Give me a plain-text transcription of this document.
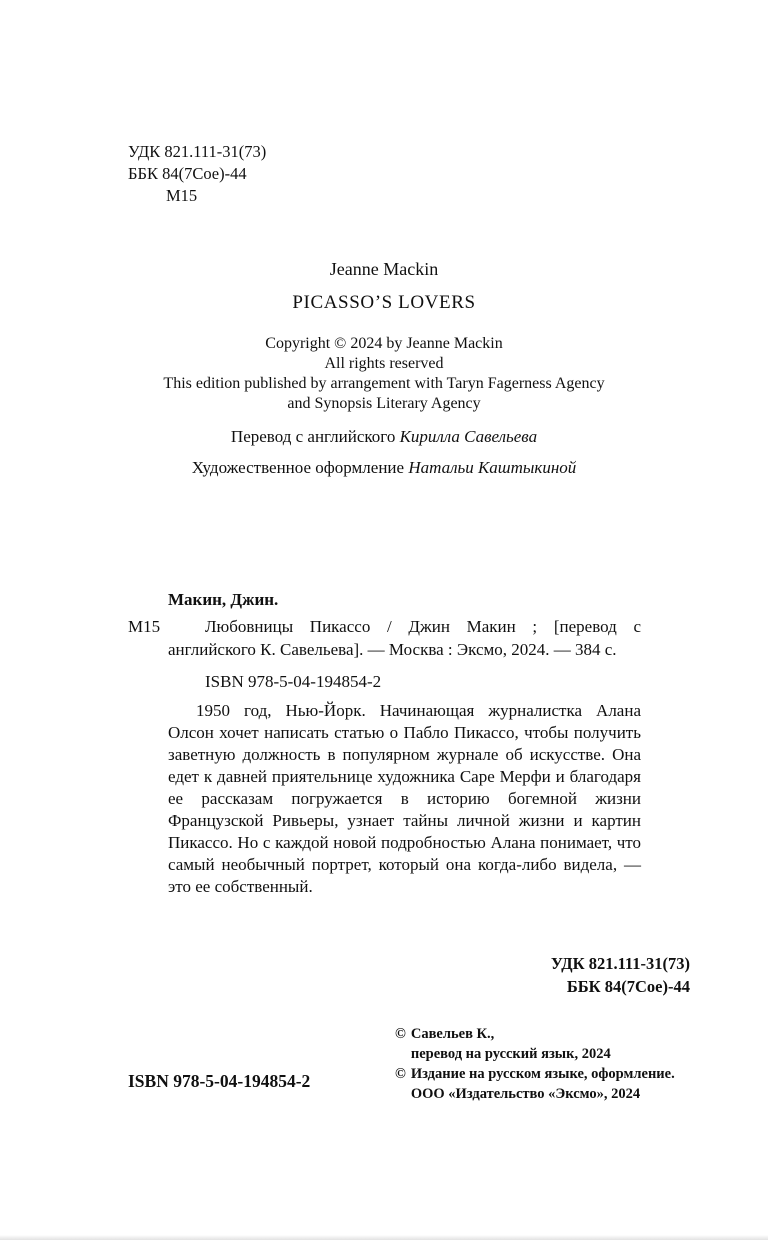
УДК 821.111-31(73)
ББК 84(7Сое)-44
М15
Jeanne Mackin
PICASSO’S LOVERS
Copyright © 2024 by Jeanne Mackin
All rights reserved
This edition published by arrangement with Taryn Fagerness Agency
and Synopsis Literary Agency
Перевод с английского Кирилла Савельева
Художественное оформление Натальи Каштыкиной

Макин, Джин.

М15	Любовницы Пикассо / Джин Макин ; [перевод с английского К. Савельева]. — Москва : Эксмо, 2024. — 384 с.

ISBN 978-5-04-194854-2

1950 год, Нью-Йорк. Начинающая журналистка Алана Олсон хочет написать статью о Пабло Пикассо, чтобы получить заветную должность в популярном журнале об искусстве. Она едет к давней приятельнице художника Саре Мерфи и благодаря ее рассказам погружается в историю богемной жизни Французской Ривьеры, узнает тайны личной жизни и картин Пикассо. Но с каждой новой подробностью Алана понимает, что самый необычный портрет, который она когда-либо видела, — это ее собственный.

УДК 821.111-31(73)
ББК 84(7Сое)-44
© Савельев К.,
перевод на русский язык, 2024
© Издание на русском языке, оформление.
ООО «Издательство «Эксмо», 2024
ISBN 978-5-04-194854-2
